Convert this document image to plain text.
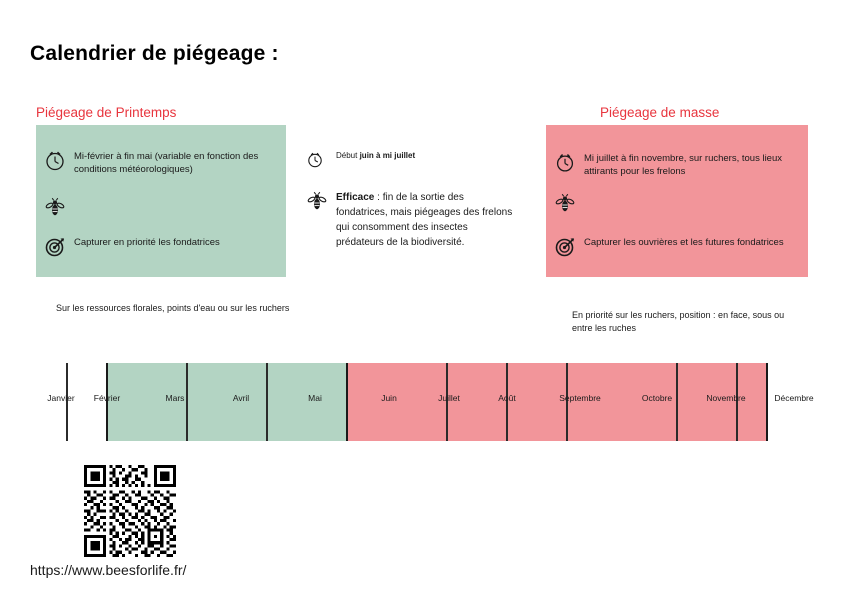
Calendrier de piégeage :
Piégeage de Printemps	Piégeage de masse
Mi-février à fin mai (variable en fonction des conditions météorologiques)
Capturer en priorité les fondatrices
Début juin à mi juillet
Efficace : fin de la sortie des fondatrices, mais piégeages des frelons qui consomment des insectes prédateurs de la biodiversité.
Mi juillet à fin novembre, sur ruchers, tous lieux attirants pour les frelons
Capturer les ouvrières et les futures fondatrices
Sur les ressources florales, points d'eau ou sur les ruchers
En priorité sur les ruchers, position : en face, sous ou entre les ruches
Janvier	Février	Mars	Avril	Mai	Juin	Juillet	Août	Septembre	Octobre	Novembre	Décembre
https://www.beesforlife.fr/
